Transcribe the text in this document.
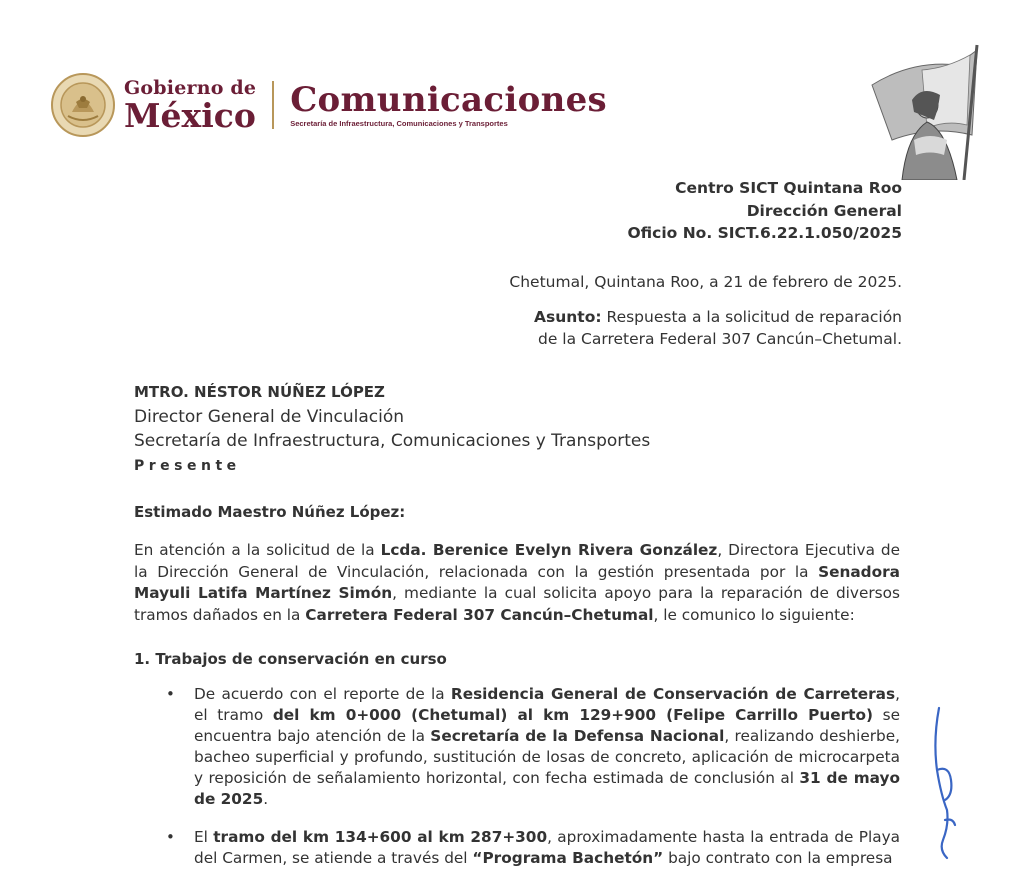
Gobierno de
México Comunicaciones
Secretaría de Infraestructura, Comunicaciones y Transportes
Centro SICT Quintana Roo
Dirección General
Oficio No. SICT.6.22.1.050/2025
Chetumal, Quintana Roo, a 21 de febrero de 2025.
Asunto: Respuesta a la solicitud de reparación
de la Carretera Federal 307 Cancún–Chetumal.
MTRO. NÉSTOR NÚÑEZ LÓPEZ
Director General de Vinculación
Secretaría de Infraestructura, Comunicaciones y Transportes
Presente
Estimado Maestro Núñez López:
En atención a la solicitud de la Lcda. Berenice Evelyn Rivera González, Directora Ejecutiva de la Dirección General de Vinculación, relacionada con la gestión presentada por la Senadora Mayuli Latifa Martínez Simón, mediante la cual solicita apoyo para la reparación de diversos tramos dañados en la Carretera Federal 307 Cancún–Chetumal, le comunico lo siguiente:
1. Trabajos de conservación en curso
• De acuerdo con el reporte de la Residencia General de Conservación de Carreteras, el tramo del km 0+000 (Chetumal) al km 129+900 (Felipe Carrillo Puerto) se encuentra bajo atención de la Secretaría de la Defensa Nacional, realizando deshierbe, bacheo superficial y profundo, sustitución de losas de concreto, aplicación de microcarpeta y reposición de señalamiento horizontal, con fecha estimada de conclusión al 31 de mayo de 2025.
• El tramo del km 134+600 al km 287+300, aproximadamente hasta la entrada de Playa del Carmen, se atiende a través del “Programa Bachetón” bajo contrato con la empresa
